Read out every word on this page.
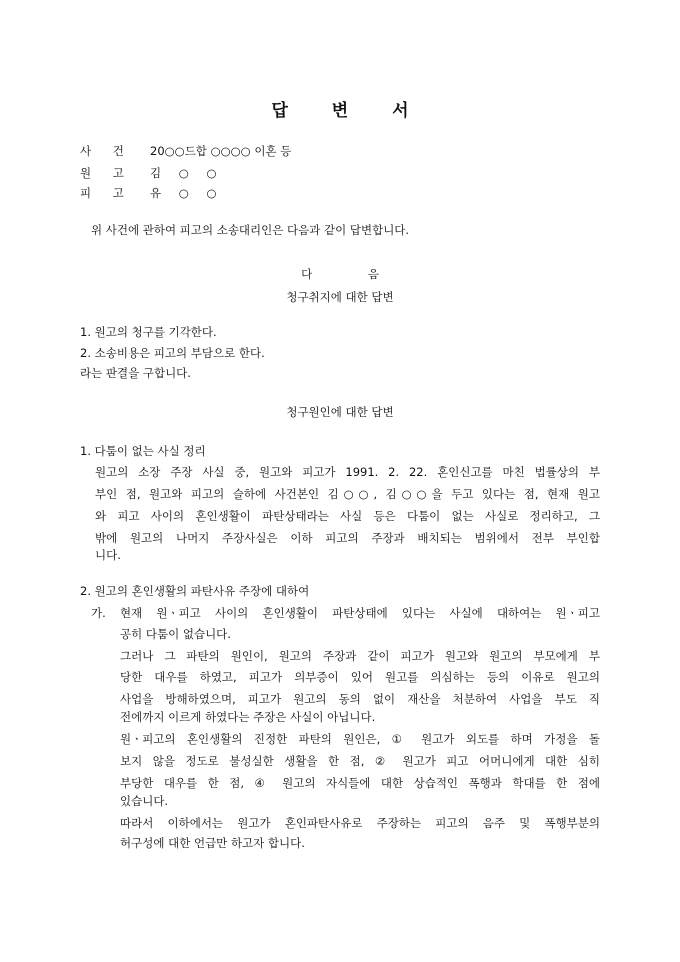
답 변 서
사 건 20○○드합 ○○○○ 이혼 등
원 고 김 ○ ○
피 고 유 ○ ○
위 사건에 관하여 피고의 소송대리인은 다음과 같이 답변합니다.
다 음
청구취지에 대한 답변
1. 원고의 청구를 기각한다.
2. 소송비용은 피고의 부담으로 한다.
라는 판결을 구합니다.
청구원인에 대한 답변
1. 다툼이 없는 사실 정리
원고의 소장 주장 사실 중, 원고와 피고가 1991. 2. 22. 혼인신고를 마친 법률상의 부
부인 점, 원고와 피고의 슬하에 사건본인 김○○, 김○○을 두고 있다는 점, 현재 원고
와 피고 사이의 혼인생활이 파탄상태라는 사실 등은 다툼이 없는 사실로 정리하고, 그
밖에 원고의 나머지 주장사실은 이하 피고의 주장과 배치되는 범위에서 전부 부인합
니다.
2. 원고의 혼인생활의 파탄사유 주장에 대하여
가. 현재 원ㆍ피고 사이의 혼인생활이 파탄상태에 있다는 사실에 대하여는 원ㆍ피고
공히 다툼이 없습니다.
그러나 그 파탄의 원인이, 원고의 주장과 같이 피고가 원고와 원고의 부모에게 부
당한 대우를 하였고, 피고가 의부증이 있어 원고를 의심하는 등의 이유로 원고의
사업을 방해하였으며, 피고가 원고의 동의 없이 재산을 처분하여 사업을 부도 직
전에까지 이르게 하였다는 주장은 사실이 아닙니다.
원ㆍ피고의 혼인생활의 진정한 파탄의 원인은, ① 원고가 외도를 하며 가정을 돌
보지 않을 정도로 불성실한 생활을 한 점, ② 원고가 피고 어머니에게 대한 심히
부당한 대우를 한 점, ④ 원고의 자식들에 대한 상습적인 폭행과 학대를 한 점에
있습니다.
따라서 이하에서는 원고가 혼인파탄사유로 주장하는 피고의 음주 및 폭행부분의
허구성에 대한 언급만 하고자 합니다.
